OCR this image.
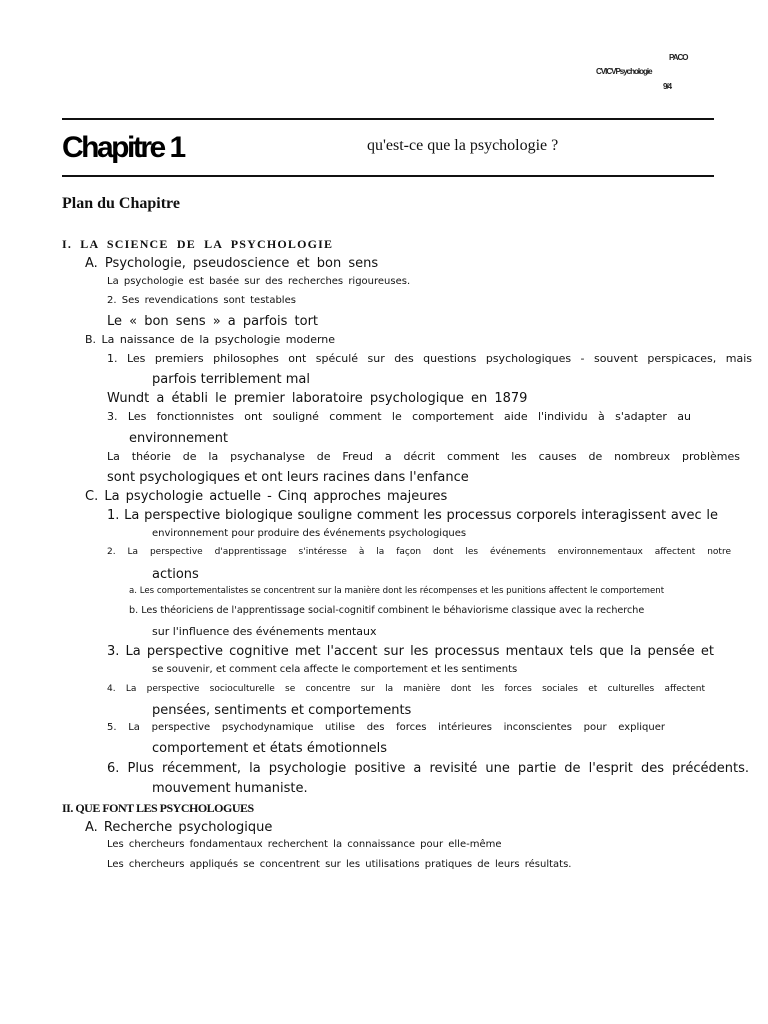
PACO
CVICVPsychologie
9/4
Chapitre 1	qu'est-ce que la psychologie ?
Plan du Chapitre
I. LA SCIENCE DE LA PSYCHOLOGIE
A. Psychologie, pseudoscience et bon sens
La psychologie est basée sur des recherches rigoureuses.
2. Ses revendications sont testables
Le « bon sens » a parfois tort
B. La naissance de la psychologie moderne
1. Les premiers philosophes ont spéculé sur des questions psychologiques - souvent perspicaces, mais
parfois terriblement mal
Wundt a établi le premier laboratoire psychologique en 1879
3. Les fonctionnistes ont souligné comment le comportement aide l'individu à s'adapter au
environnement
La théorie de la psychanalyse de Freud a décrit comment les causes de nombreux problèmes
sont psychologiques et ont leurs racines dans l'enfance
C. La psychologie actuelle - Cinq approches majeures
1. La perspective biologique souligne comment les processus corporels interagissent avec le
environnement pour produire des événements psychologiques
2. La perspective d'apprentissage s'intéresse à la façon dont les événements environnementaux affectent notre
actions
a. Les comportementalistes se concentrent sur la manière dont les récompenses et les punitions affectent le comportement
b. Les théoriciens de l'apprentissage social-cognitif combinent le béhaviorisme classique avec la recherche
sur l'influence des événements mentaux
3. La perspective cognitive met l'accent sur les processus mentaux tels que la pensée et
se souvenir, et comment cela affecte le comportement et les sentiments
4. La perspective socioculturelle se concentre sur la manière dont les forces sociales et culturelles affectent
pensées, sentiments et comportements
5. La perspective psychodynamique utilise des forces intérieures inconscientes pour expliquer
comportement et états émotionnels
6. Plus récemment, la psychologie positive a revisité une partie de l'esprit des précédents.
mouvement humaniste.
II. QUE FONT LES PSYCHOLOGUES
A. Recherche psychologique
Les chercheurs fondamentaux recherchent la connaissance pour elle-même
Les chercheurs appliqués se concentrent sur les utilisations pratiques de leurs résultats.
